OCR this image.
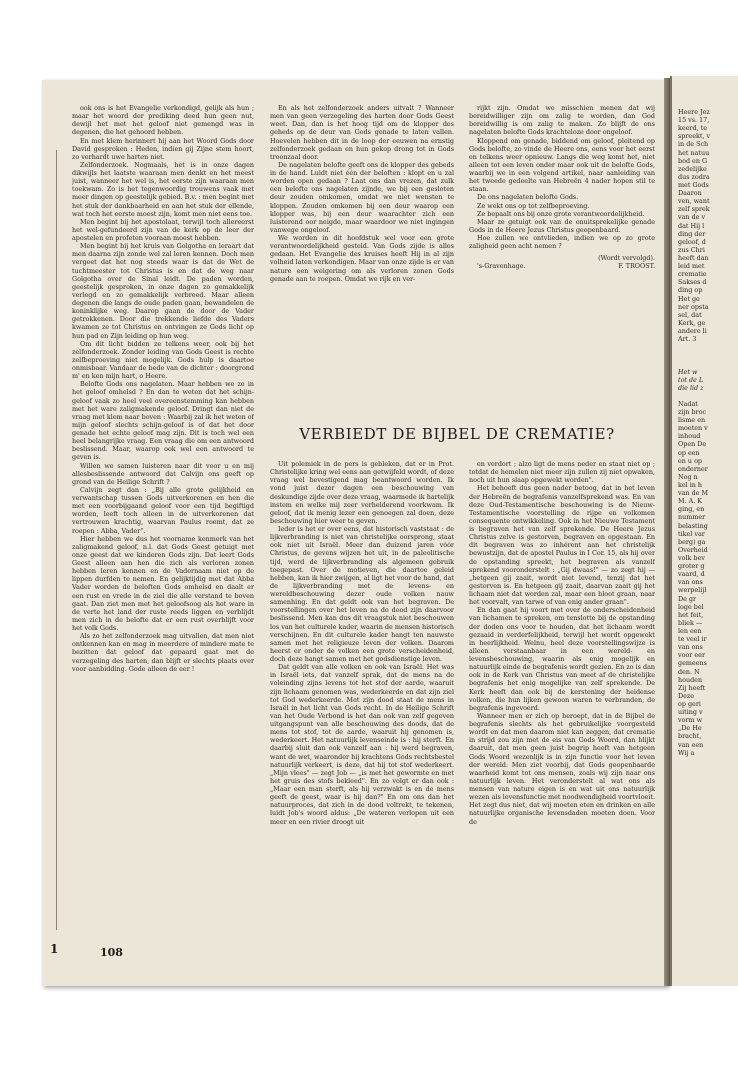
1

ook ons is het Evangelie verkondigd, gelijk als hun ; maar het woord der prediking deed hun geen nut, dewijl het met het geloof niet gemengd was in degenen, die het gehoord hebben.

En met klem herinnert hij aan het Woord Gods door David gesproken : Heden, indien gij Zijne stem hoort, zo verhardt uwe harten niet.

Zelfonderzoek. Nogmaals, het is in onze dagen dikwijls het laatste waaraan men denkt en het meest juist, wanneer het wel is, het eerste zijn waaraan men toekwam. Zo is het tegenwoordig trouwens vaak met meer dingen op geestelijk gebied. B.v. : men begint met het stuk der dankbaarheid en aan het stuk der ellende, wat toch het eerste moest zijn, komt men niet eens toe.

Men begint bij het apostolaat, terwijl toch allereerst het wel-gefundeerd zijn van de kerk op de leer der apostelen en profeten vooraan moest hebben.

Men begint bij het kruis van Golgotha en leraart dat men daarna zijn zonde wel zal leren kennen. Doch men vergeet dat het nog steeds waar is dat de Wet de tuchtmeester tot Christus is en dat de weg naar Golgotha over de Sinaï leidt. De paden worden, geestelijk gesproken, in onze dagen zo gemakkelijk verlegd en zo gemakkelijk verbreed. Maar alleen degenen die langs de oude paden gaan, bewandelen de koninklijke weg. Daarop gaan de door de Vader getrokkenen. Door die trekkende liefde des Vaders kwamen ze tot Christus en ontvingen ze Gods licht op hun pad en Zijn leiding op hun weg.

Om dit licht bidden ze telkens weer, ook bij het zelfonderzoek. Zonder leiding van Gods Geest is rechte zelfbeproeving niet mogelijk. Gods hulp is daartoe onmisbaar. Vandaar de bede van de dichter : doorgrond m' en ken mijn hart, o Heere.

Belofte Gods ons nagelaten. Maar hebben we ze in het geloof omhelsd ? En dan te weten dat het schijn-geloof vaak zo heel veel overeenstemming kan hebben met het ware zaligmakende geloof. Dringt dan niet de vraag met klem naar boven : Waarbij zal ik het weten of mijn geloof slechts schijn-geloof is of dat het door genade het echte geloof mag zijn. Dit is toch wel een heel belangrijke vraag. Een vraag die om een antwoord beslissend. Maar, waarop ook wel een antwoord te geven is.

Willen we samen luisteren naar dit voor u en mij allesbeslissende antwoord dat Calvijn ons geeft op grond van de Heilige Schrift ?

Calvijn zegt dan : „Bij alle grote gelijkheid en verwantschap tussen Gods uitverkorenen en hen die met een voorbijgaand geloof voor een tijd begiftigd worden, leeft toch alleen in de uitverkorenen dat vertrouwen krachtig, waarvan Paulus roemt, dat ze roepen : Abba, Vader".

Hier hebben we dus het voorname kenmerk van het zaligmakend geloof, n.l. dat Gods Geest getuigt met onze geest dat we kinderen Gods zijn. Dat leert Gods Geest alleen aan hen die zich als verloren zonen hebben leren kennen en de Vadernaam niet op de lippen durfden te nemen. En gelijktijdig met dat Abba Vader worden de beloften Gods omhelsd en daalt er een rust en vrede in de ziel die alle verstand te boven gaat. Dan ziet men met het geloofsoog als het ware in de verte het land der ruste reeds liggen en verblijdt men zich in de belofte dat er een rust overblijft voor het volk Gods.

Als zo het zelfonderzoek mag uitvallen, dat men niet ontkennen kan en mag in meerdere of mindere mate te bezitten dat geloof dat gepaard gaat met de verzegeling des harten, dan blijft er slechts plaats over voor aanbidding. Gode alleen de eer !

En als het zelfonderzoek anders uitvalt ? Wanneer men van geen verzegeling des harten door Gods Geest weet. Dan, dan is het hoog tijd om de klopper des geheds op de deur van Gods genade te laten vallen. Hoevelen hebben dit in de loop der eeuwen na ernstig zelfonderzoek gedaan en hun gekop drong tot in Gods troonzaal door.

De nagelaten belofte geeft ons de klopper des gebeds in de hand. Luidt niet één der beloften : klopt en u zal worden open gedaan ? Laat ons dan vrezen, dat zulk een belofte ons nagelaten zijnde, we bij een gesloten deur zouden omkomen, omdat we niet wensten te kloppen. Zouden omkomen bij een deur waarop een klopper was, bij een deur waarachter zich een luisterend oor neigde, maar waardoor we niet ingingen vanwege ongeloof.

We worden in dit hoofdstuk wel voor een grote verantwoordelijkheid gesteld. Van Gods zijde is alles gedaan. Het Evangelie des kruises heeft Hij in al zijn volheid laten verkondigen. Maar van onze zijde is er van nature een weigering om als verloren zonen Gods genade aan te roepen. Omdat we rijk en ver-

rijkt zijn. Omdat we misschien menen dat wij bereidwilliger zijn om zalig te worden, dan God bereidwillig is om zalig te maken. Zo blijft de ons nagelaten belofte Gods krachteloze door ongeloof.

Kloppend om genade, biddend om geloof, pleitend op Gods belofte, zo vinde de Heere ons, eens voor het eerst en telkens weer opnieuw. Langs die weg komt het, niet alleen tot een leven onder maar ook uit de belofte Gods, waarbij we in een volgend artikel, naar aanleiding van het tweede gedeelte van Hebreën 4 nader hopen stil te staan.

De ons nagelaten belofte Gods.

Ze wekt ons op tot zelfbeproeving.

Ze bepaalt ons bij onze grote verantwoordelijkheid.

Maar ze getuigt ook van de onuitsprekelijke genade Gods in de Heere Jezus Christus geopenbaard.

Hoe zullen we ontvlieden, indien we op zo grote zaligheid geen acht nemen ?

(Wordt vervolgd).

's-Gravenhage.	F. TROOST.

VERBIEDT DE BIJBEL DE CREMATIE?

Uit polemiek in de pers is gebleken, dat er in Prot. Christelijke kring wel eens aan getwijfeld wordt, of deze vraag wel bevestigend mag beantwoord worden. Ik vond juist dezer dagen een beschouwing van deskundige zijde over deze vraag, waarmede ik hartelijk instem en welke mij zeer verhelderend voorkwam. Ik geloof, dat ik menig lezer een genoegen zal doen, deze beschouwing hier weer te geven.

Ieder is het er over eens, dat historisch vaststaat : de lijkverbranding is niet van christelijke oorsprong, staat ook niet uit Israël. Meer dan duizend jaren vóór Christus, de gevens wijzen het uit, in de paleolitische tijd, werd de lijkverbranding als algemeen gebruik toegepast. Over de motieven, die daartoe geleid hebben, kan ik hier zwijgen, al ligt het voor de hand, dat de lijkverbranding met de levens- en wereldbeschouwing dezer oude volken nauw samenhing. En dat geldt ook van het begraven. De voorstellingen over het leven na de dood zijn daarvoor beslissend. Men kan dus dit vraagstuk niet beschouwen los van het culturele kader, waarin de mensen historisch verschijnen. En dit culturele kader hangt ten nauwste samen met het religieuze leven der volken. Daarom heerst er onder de volken een grote verscheidenheid, doch deze hangt samen met het godsdienstige leven.

Dat geldt van alle volken en ook van Israël. Het was in Israël iets, dat vanzelf sprak, dat de mens na de voleinding zijns levens tot het stof der aarde, waaruit zijn lichaam genomen was, wederkeerde en dat zijn ziel tot God wederkeerde. Met zijn dood staat de mens in Israël in het licht van Gods recht. In de Heilige Schrift van het Oude Verbond is het dan ook van zelf gegeven uitgangspunt van alle beschouwing des doods, dat de mens tot stof, tot de aarde, waaruit hij genomen is, wederkeert. Het natuurlijk levenseinde is : hij sterft. En daarbij sluit dan ook vanzelf aan : hij werd begraven, want de wet, waaronder hij krachtens Gods rechtsbestel natuurlijk verkeert, is deze, dat hij tot stof wederkeert. „Mijn vlees" — zegt Job — „is met het gewormte en met het gruis des stofs bekleed". En zo volgt er dan ook : „Maar een man sterft, als hij verzwakt is en de mens geeft de geest, waar is hij dan?" En om ons dan het natuurproces, dat zich in de dood voltrekt, te tekenen, luidt Job's woord aldus: „De wateren verlopen uit een meer en een rivier droogt uit

en verdort ; alzo ligt de mens neder en staat niet op ; totdat de hemelen niet meer zijn zullen zij niet opwaken, noch uit hun slaap opgewekt worden".

Het behoeft dus geen nader betoog, dat in het leven der Hebreën de begrafenis vanzelfsprekend was. En van deze Oud-Testamentische beschouwing is de Nieuw-Testamentische voorstelling de rijpe en volkomen consequente ontwikkeling. Ook in het Nieuwe Testament is begraven het van zelf sprekende. De Heere Jezus Christus zelve is gestorven, begraven en opgestaan. En dit begraven was zo inhérent aan het christelijk bewustzijn, dat de apostel Paulus in I Cor. 15, als hij over de opstanding spreekt, het begraven als vanzelf sprekend vooronderstelt : „Gij dwaas!" — zo zegt hij — „hetgeen gij zaait, wordt niet levend, tenzij dat het gestorven is. En hetgeen gij zaait, daarvan zaait gij het lichaam niet dat worden zal, maar een bloot graan, naar het voorvalt, van tarwe of van enig ander graan".

En dan gaat hij voort met over de onderscheidenheid van lichamen te spreken, om tenslotte bij de opstanding der doden ons voor te houden, dat het lichaam wordt gezaaid in verderfelijkheid, terwijl het wordt opgewekt in heerlijkheid. Welnu, heel deze voorstellingswijze is alleen verstaanbaar in een wereld- en levensbeschouwing, waarin als enig mogelijk en natuurlijk einde de begrafenis wordt gezien. En zo is dan ook in de Kerk van Christus van meet af de christelijke begrafenis het enig mogelijke van zelf sprekende. De Kerk heeft dan ook bij de kerstening der heidense volken, die hun lijken gewoon waren te verbranden, de begrafenis ingevoerd.

Wanneer men er zich op beroept, dat in de Bijbel de begrafenis slechts als het gebruikelijke voorgesteld wordt en dat men daarom niet kan zeggen, dat crematie in strijd zou zijn met de eis van Gods Woord, dan blijkt daaruit, dat men geen juist begrip heeft van hetgeen Gods Woord wezenlijk is in zijn functie voor het leven der wereld. Men ziet voorbij, dat Gods geopenbaarde waarheid komt tot ons mensen, zoals wij zijn naar ons natuurlijk leven. Het veronderstelt al wat ons als mensen van nature eigen is en wat uit ons natuurlijk wezen als levensfunctie met noodwendigheid voortvloeit. Het zegt dus niet, dat wij moeten eten en drinken en alle natuurlijke organische levensdaden moeten doen. Voor de

108
Heere Jez
15 vs. 17,
keerd, te
spreekt, v
in de Sch
het natuu
bod en G
zedelijke
dus zodra
met Gods
Daaron
ven, want
zelf sprek
van de v
dat Hij l
ding der
geloof, d
zus Chri
heeft dan
leid met
crematie
Sakses d
ding op
Het ge
ner opsta
sel, dat
Kerk, ge
andere li
Art. 3
Het w
tot de L
die lid z
Nadat
zijn broc
lisme en
moeten v
inhoud
Open De
op een
en u op
onderner
Nog n
kel in h
van de M
M. A. K
ging, en
nummer
belasting
tikel var
berg) ga
Overheid
volk bev
groter g
vaard, d
van ons
werpelijl
De gr
loge bel
het feit,
bliek —
len een
te veel ir
van ons
voor eer
gemeens
den. N
houden
Zij heeft
Deze
op geri
uiting v
vorm w
„De He
bracht,
van een
Wij a
